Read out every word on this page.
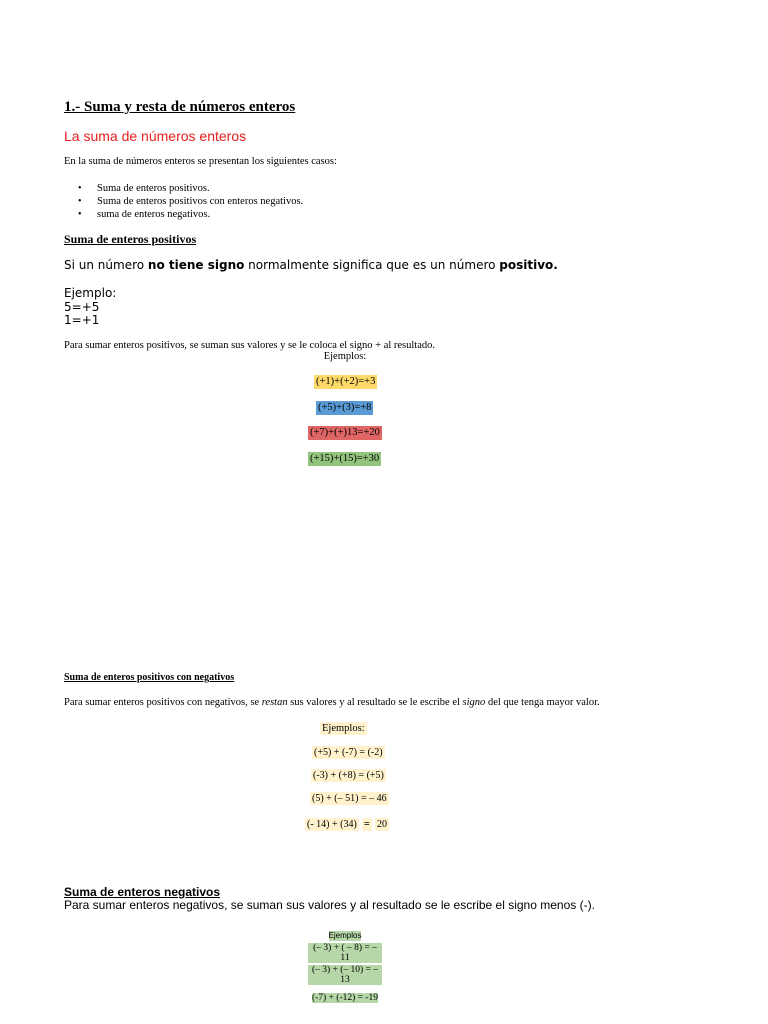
1.- Suma y resta de números enteros
La suma de números enteros
En la suma de números enteros se presentan los siguientes casos:
• Suma de enteros positivos.
• Suma de enteros positivos con enteros negativos.
• suma de enteros negativos.
Suma de enteros positivos
Si un número no tiene signo normalmente significa que es un número positivo.
Ejemplo:
5=+5
1=+1
Para sumar enteros positivos, se suman sus valores y se le coloca el signo + al resultado.
Ejemplos:
(+1)+(+2)=+3
(+5)+(3)=+8
(+7)+(+)13=+20
(+15)+(15)=+30
Suma de enteros positivos con negativos
Para sumar enteros positivos con negativos, se restan sus valores y al resultado se le escribe el signo del que tenga mayor valor.
Ejemplos:
(+5) + (-7) = (-2)
(-3) + (+8) = (+5)
(5) + (– 51) = – 46
(- 14) + (34) = 20
Suma de enteros negativos
Para sumar enteros negativos, se suman sus valores y al resultado se le escribe el signo menos (-).
Ejemplos
(– 3) + ( – 8) = – 11
(– 3) + (– 10) = –13
(-7) + (-12) = -19
